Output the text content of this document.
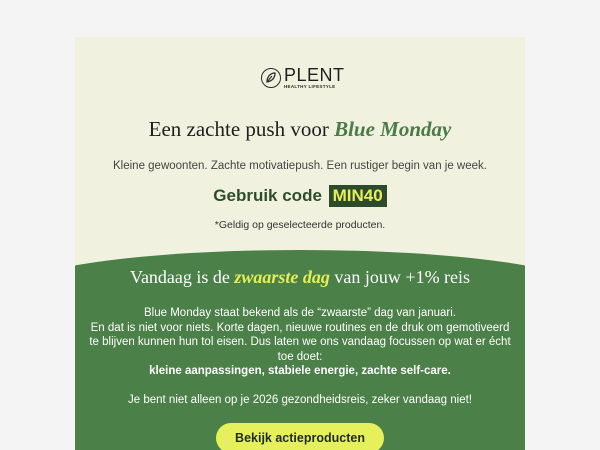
PLENT
HEALTHY LIFESTYLE
Een zachte push voor Blue Monday
Kleine gewoonten. Zachte motivatiepush. Een rustiger begin van je week.
Gebruik code MIN40
*Geldig op geselecteerde producten.
Vandaag is de zwaarste dag van jouw +1% reis
Blue Monday staat bekend als de “zwaarste” dag van januari.
En dat is niet voor niets. Korte dagen, nieuwe routines en de druk om gemotiveerd te blijven kunnen hun tol eisen. Dus laten we ons vandaag focussen op wat er écht toe doet:
kleine aanpassingen, stabiele energie, zachte self-care.
Je bent niet alleen op je 2026 gezondheidsreis, zeker vandaag niet!
Bekijk actieproducten
